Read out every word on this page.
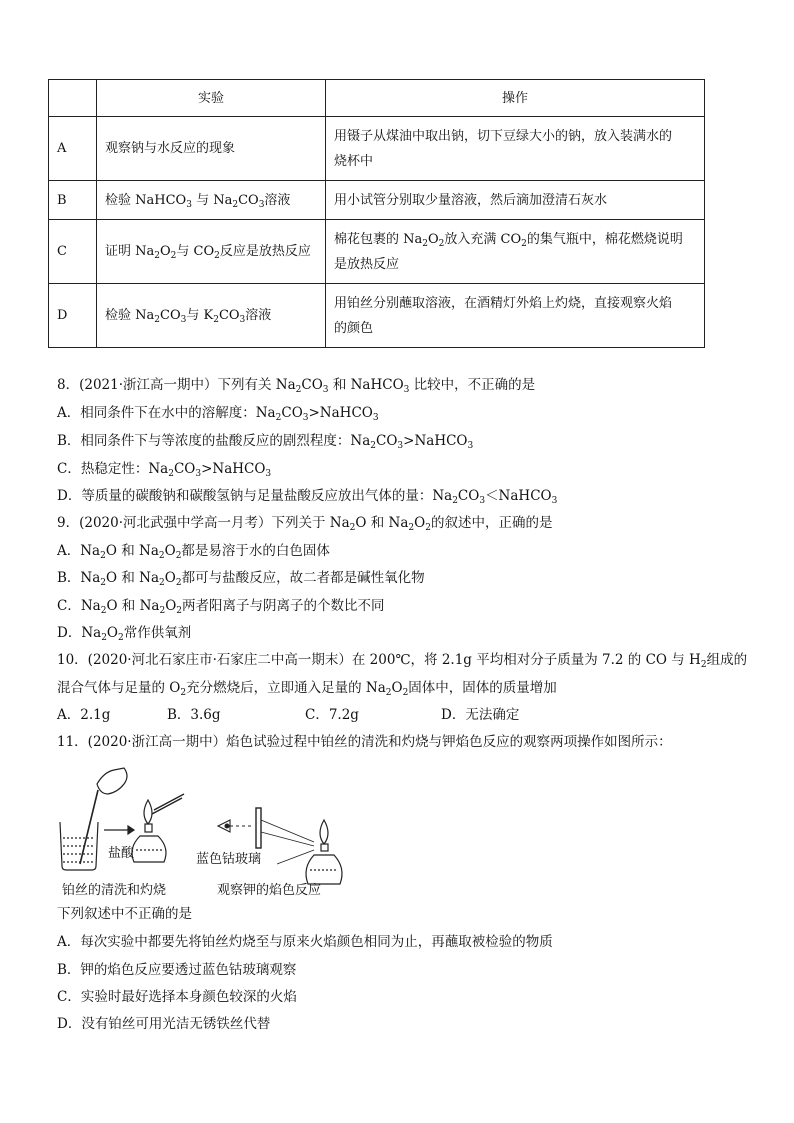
	实验	操作
A	观察钠与水反应的现象	用镊子从煤油中取出钠，切下豆绿大小的钠，放入装满水的
烧杯中
B	检验 NaHCO$_3$ 与 $Na_2CO_3$溶液	用小试管分别取少量溶液，然后滴加澄清石灰水
C	证明 $Na_2O_2$与 $CO_2$反应是放热反应	棉花包裹的 $Na_2O_2$放入充满 $CO_2$的集气瓶中，棉花燃烧说明
是放热反应
D	检验 $Na_2CO_3$与 $K_2CO_3$溶液	用铂丝分别蘸取溶液，在酒精灯外焰上灼烧，直接观察火焰
的颜色
8．(2021·浙江高一期中）下列有关 $Na_2CO_3$ 和 NaHCO$_3$ 比较中，不正确的是
A．相同条件下在水中的溶解度：$Na_2CO_3>NaHCO_3$
B．相同条件下与等浓度的盐酸反应的剧烈程度：$Na_2CO_3>NaHCO_3$
C．热稳定性：$Na_2CO_3>NaHCO_3$
D．等质量的碳酸钠和碳酸氢钠与足量盐酸反应放出气体的量：$Na_2CO_3<NaHCO_3$
9．(2020·河北武强中学高一月考）下列关于 $Na_2O$ 和 $Na_2O_2$的叙述中，正确的是
A．$Na_2O$ 和 $Na_2O_2$都是易溶于水的白色固体
B．$Na_2O$ 和 $Na_2O_2$都可与盐酸反应，故二者都是碱性氧化物
C．$Na_2O$ 和 $Na_2O_2$两者阳离子与阴离子的个数比不同
D．$Na_2O_2$常作供氧剂
10．(2020·河北石家庄市·石家庄二中高一期末）在 200℃，将 2.1g 平均相对分子质量为 7.2 的 CO 与 $H_2$组成的
混合气体与足量的 $O_2$充分燃烧后，立即通入足量的 $Na_2O_2$固体中，固体的质量增加
A．2.1g	B．3.6g	C．7.2g	D．无法确定
11．(2020·浙江高一期中）焰色试验过程中铂丝的清洗和灼烧与钾焰色反应的观察两项操作如图所示：
盐酸	蓝色钴玻璃
铂丝的清洗和灼烧	观察钾的焰色反应
下列叙述中不正确的是
A．每次实验中都要先将铂丝灼烧至与原来火焰颜色相同为止，再蘸取被检验的物质
B．钾的焰色反应要透过蓝色钴玻璃观察
C．实验时最好选择本身颜色较深的火焰
D．没有铂丝可用光洁无锈铁丝代替
